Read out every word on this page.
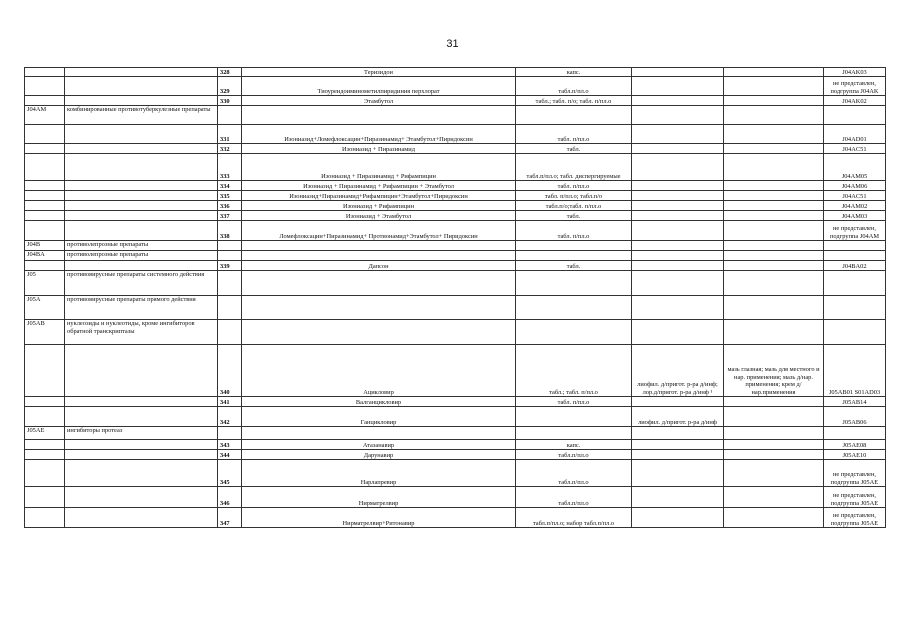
31
		328	Теризидон	капс.			J04AK03
		329	Тиоуреидоиминометилпиридиния перхлорат	табл.п/пл.о			не представлен, подгруппа J04AK
		330	Этамбутол	табл.; табл. п/о; табл. п/пл.о			J04AK02
J04AM	комбинированные противотуберкулезные препараты						
		331	Изониазид+Ломефлоксацин+Пиразинамид+ Этамбутол+Пиридоксин	табл. п/пл.о			J04AD01
		332	Изониазид + Пиразинамид	табл.			J04AC51
		333	Изониазид + Пиразинамид + Рифампицин	табл.п/пл.о; табл. диспергируемые			J04AM05
		334	Изониазид + Пиразинамид + Рифампицин + Этамбутол	табл. п/пл.о			J04AM06
		335	Изониазид+Пиразинамид+Рифампицин+Этамбутол+Пиридоксин	табл. п/пл.о; табл.п/о			J04AC51
		336	Изониазид + Рифампицин	табл.п/о;табл. п/пл.о			J04AM02
		337	Изониазид + Этамбутол	табл.			J04AM03
		338	Ломефлоксацин+Пиразинамид+ Протионамид+Этамбутол+ Пиридоксин	табл. п/пл.о			не представлен, подгруппа J04AM
J04B	противолепрозные препараты						
J04BA	противолепрозные препараты						
		339	Дапсон	табл.			J04BA02
J05	противовирусные препараты системного действия						
J05A	противовирусные препараты прямого действия						
J05AB	нуклеозиды и нуклеотиды, кроме ингибиторов обратной транскриптазы						
		340	Ацикловир	табл.; табл. п/пл.о	лиофил. д/пригот. р-ра д/инф; лор.д/пригот. р-ра д/инф ¹	мазь глазная; мазь для местного и нар. применения; мазь д/нар. применения; крем д/нар.применения	J05AB01 S01AD03
		341	Валганцикловир	табл. п/пл.о			J05AB14
		342	Ганцикловир		лиофил. д/пригот. р-ра д/инф		J05AB06
J05AE	ингибиторы протеаз						
		343	Атазанавир	капс.			J05AE08
		344	Дарунавир	табл.п/пл.о			J05AE10
		345	Нарлапревир	табл.п/пл.о			не представлен, подгруппа J05AE
		346	Нирматрелвир	табл.п/пл.о			не представлен, подгруппа J05AE
		347	Нирматрелвир+Ритонавир	табл.п/пл.о; набор табл.п/пл.о			не представлен, подгруппа J05AE
